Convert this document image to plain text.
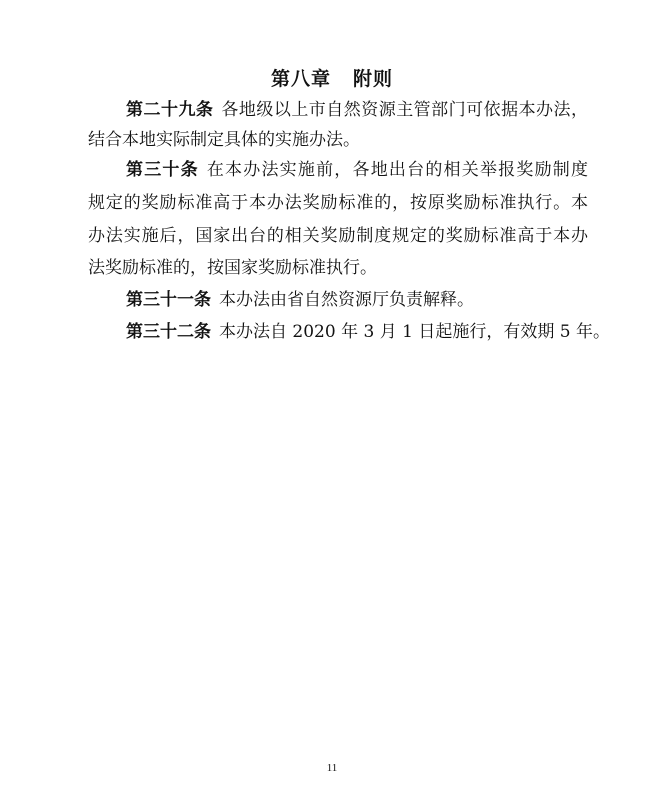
第八章 附则
第二十九条 各地级以上市自然资源主管部门可依据本办法，
结合本地实际制定具体的实施办法。
第三十条 在本办法实施前，各地出台的相关举报奖励制度
规定的奖励标准高于本办法奖励标准的，按原奖励标准执行。本
办法实施后，国家出台的相关奖励制度规定的奖励标准高于本办
法奖励标准的，按国家奖励标准执行。
第三十一条 本办法由省自然资源厅负责解释。
第三十二条 本办法自 2020 年 3 月 1 日起施行，有效期 5 年。
11
